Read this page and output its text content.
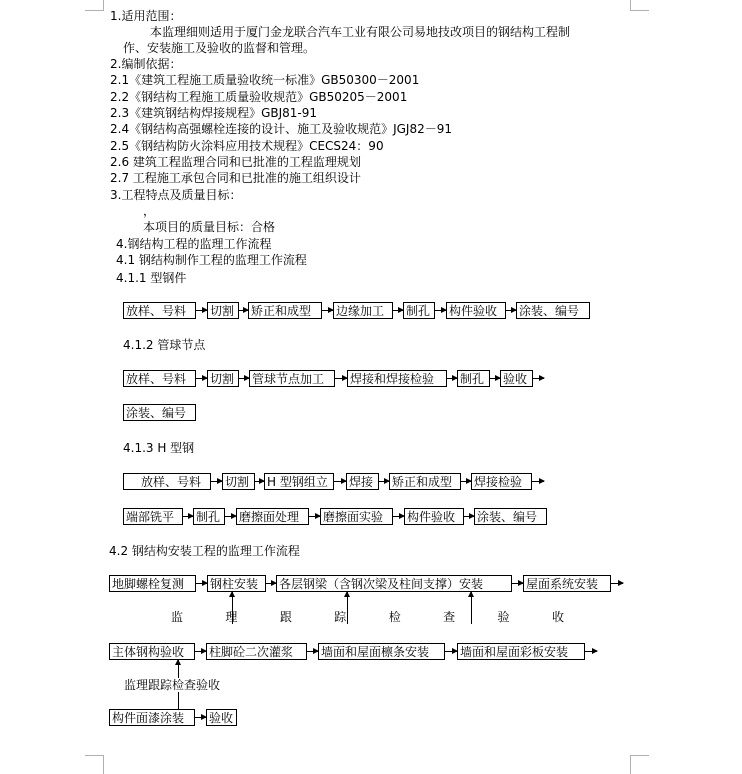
1.适用范围：
本监理细则适用于厦门金龙联合汽车工业有限公司易地技改项目的钢结构工程制
作、安装施工及验收的监督和管理。
2.编制依据：
2.1《建筑工程施工质量验收统一标准》GB50300－2001
2.2《钢结构工程施工质量验收规范》GB50205－2001
2.3《建筑钢结构焊接规程》GBJ81-91
2.4《钢结构高强螺栓连接的设计、施工及验收规范》JGJ82－91
2.5《钢结构防火涂料应用技术规程》CECS24：90
2.6 建筑工程监理合同和已批准的工程监理规划
2.7 工程施工承包合同和已批准的施工组织设计
3.工程特点及质量目标：
，
本项目的质量目标：合格
4.钢结构工程的监理工作流程
4.1 钢结构制作工程的监理工作流程
4.1.1 型钢件
放样、号料	切割	矫正和成型	边缘加工	制孔	构件验收	涂装、编号
4.1.2 管球节点
放样、号料	切割	管球节点加工	焊接和焊接检验	制孔	验收
涂装、编号
4.1.3 H 型钢
放样、号料	切割	H 型钢组立	焊接	矫正和成型	焊接检验
端部铣平	制孔	磨擦面处理	磨擦面实验	构件验收	涂装、编号
4.2 钢结构安装工程的监理工作流程
地脚螺栓复测	钢柱安装	各层钢梁（含钢次梁及柱间支撑）安装	屋面系统安装
监	理	跟	踪	检	查	验	收
主体钢构验收	柱脚砼二次灌浆	墙面和屋面檩条安装	墙面和屋面彩板安装
监理跟踪检查验收
构件面漆涂装	验收
